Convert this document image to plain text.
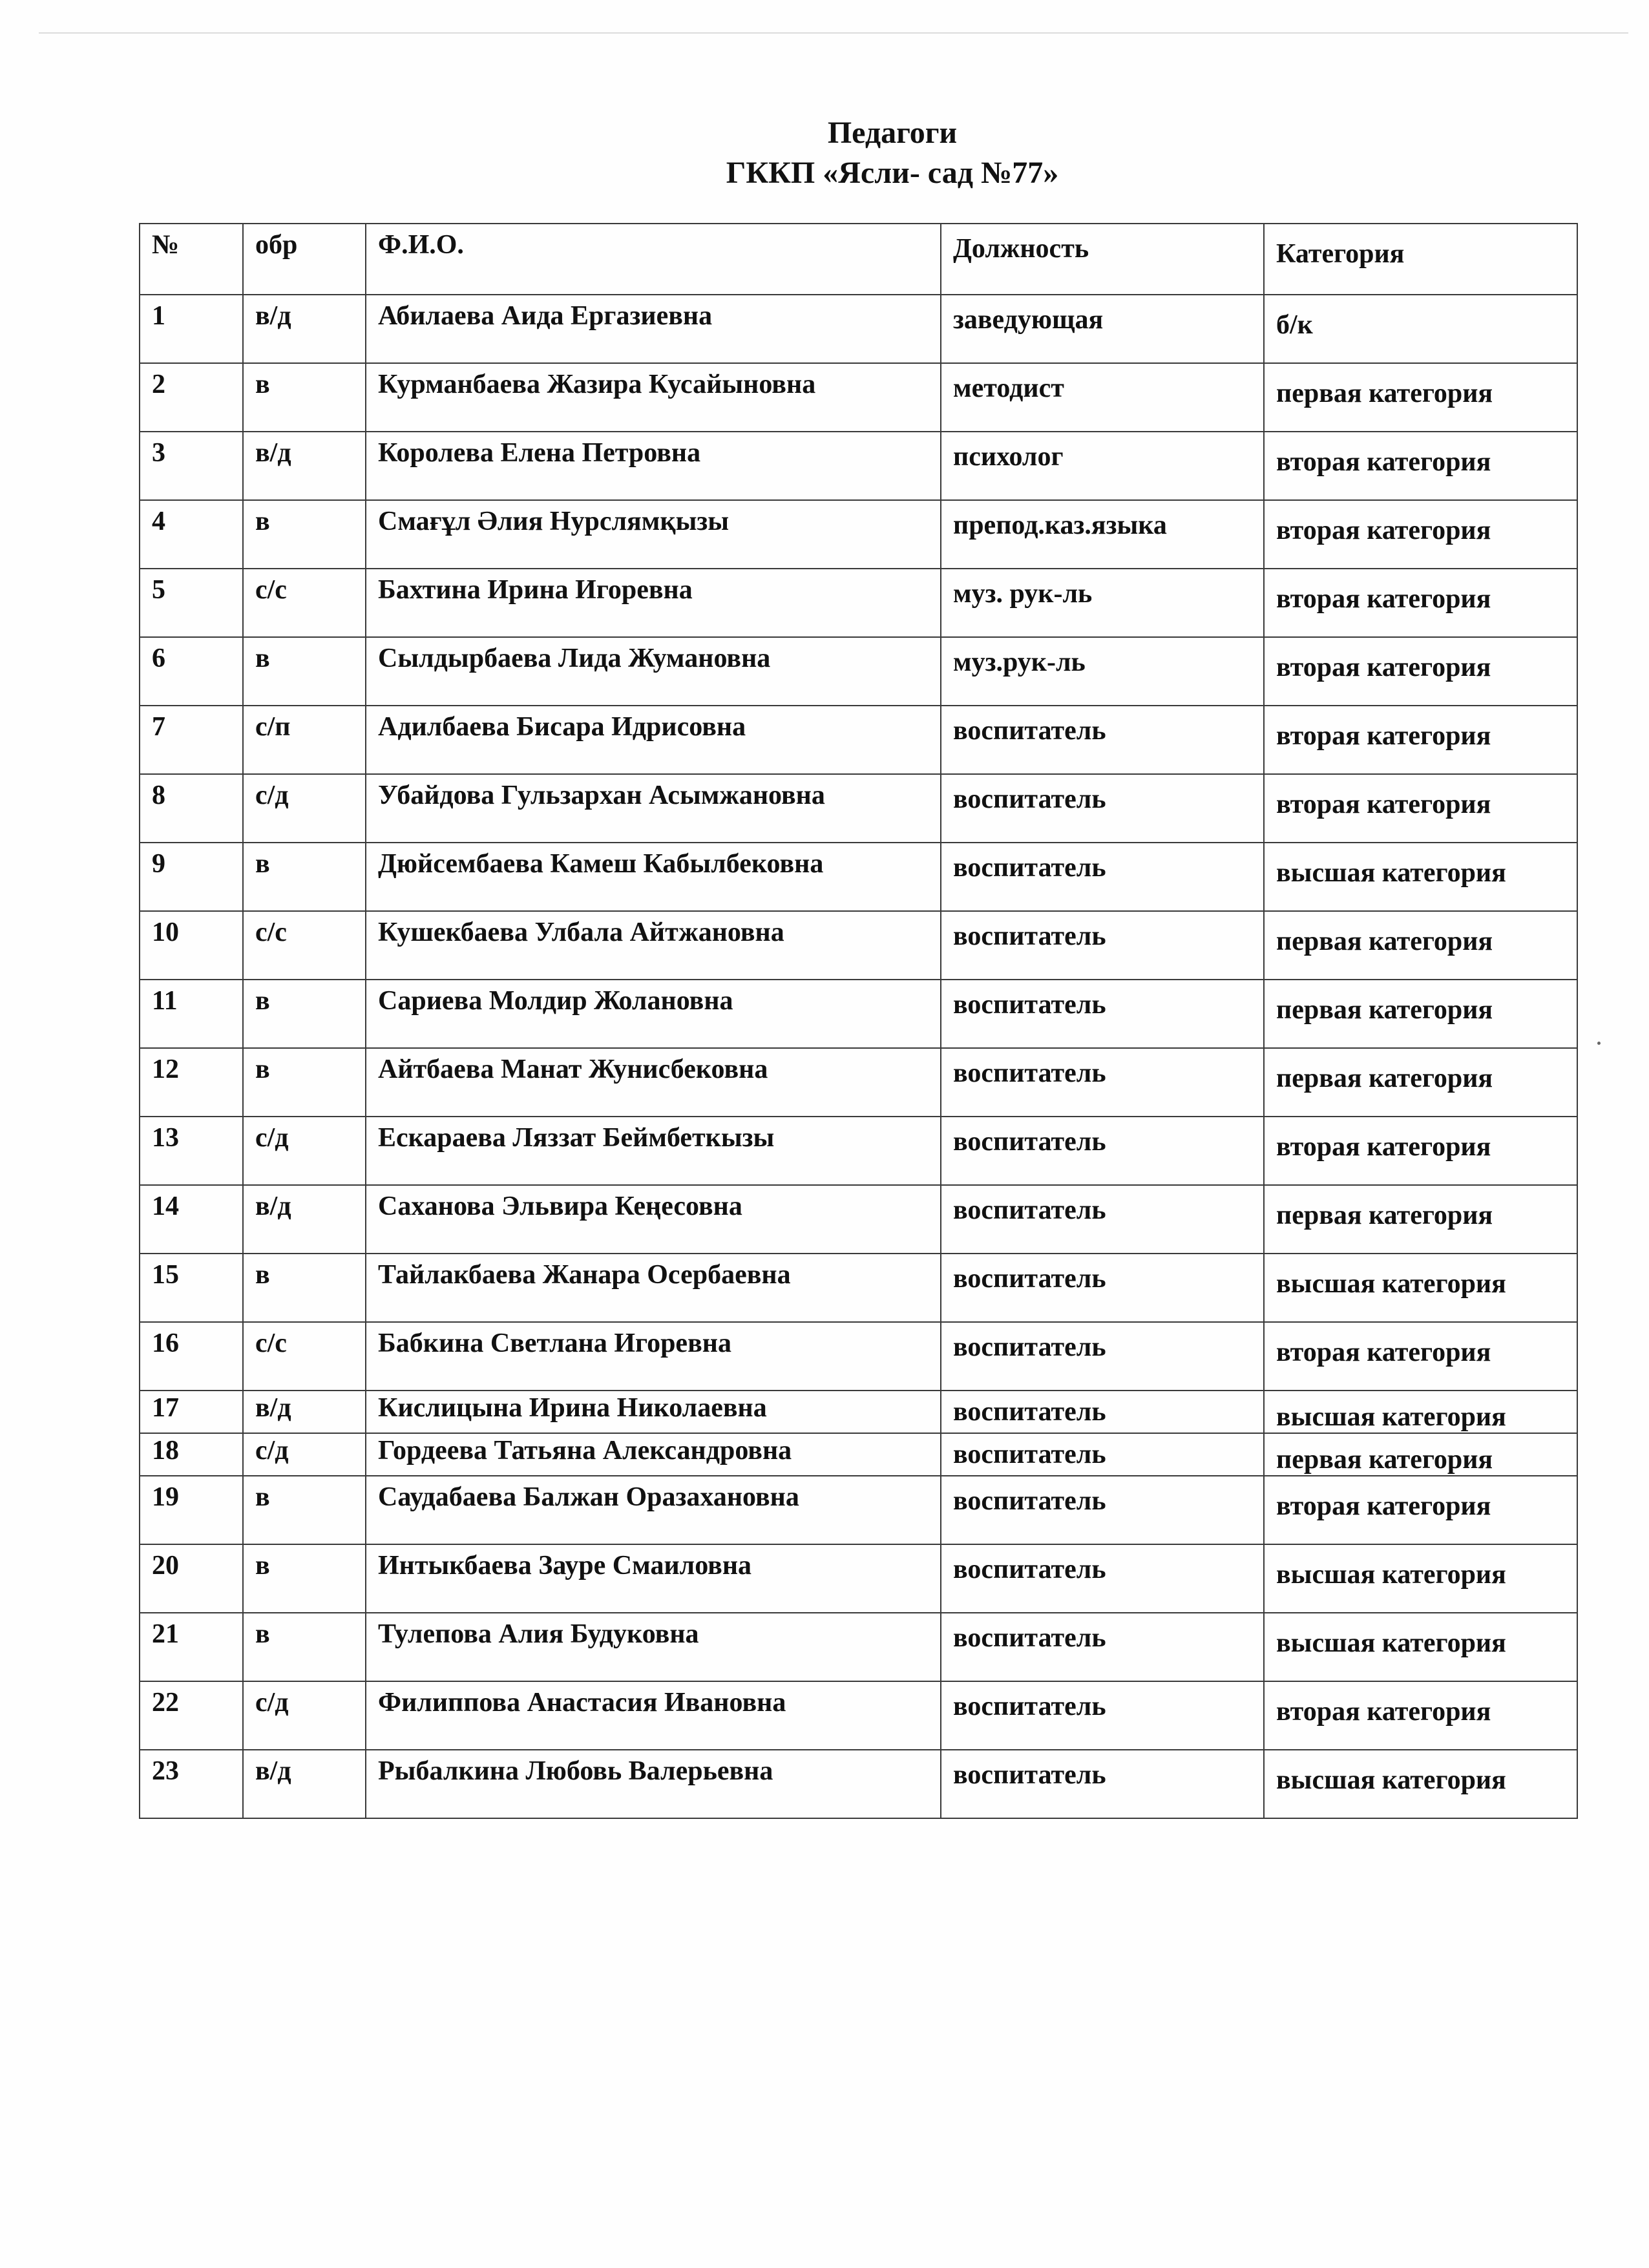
Педагоги
ГККП «Ясли- сад №77»
№	обр	Ф.И.О.	Должность	Категория
1	в/д	Абилаева Аида Ергазиевна	заведующая	б/к
2	в	Курманбаева Жазира Кусайыновна	методист	первая категория
3	в/д	Королева Елена Петровна	психолог	вторая категория
4	в	Смағұл Әлия Нурслямқызы	препод.каз.языка	вторая категория
5	с/с	Бахтина Ирина Игоревна	муз. рук-ль	вторая категория
6	в	Сылдырбаева Лида Жумановна	муз.рук-ль	вторая категория
7	с/п	Адилбаева Бисара Идрисовна	воспитатель	вторая категория
8	с/д	Убайдова Гульзархан Асымжановна	воспитатель	вторая категория
9	в	Дюйсембаева Камеш Кабылбековна	воспитатель	высшая категория
10	с/с	Кушекбаева Улбала Айтжановна	воспитатель	первая категория
11	в	Сариева Молдир Жолановна	воспитатель	первая категория
12	в	Айтбаева Манат Жунисбековна	воспитатель	первая категория
13	с/д	Ескараева Ляззат Беймбеткызы	воспитатель	вторая категория
14	в/д	Саханова Эльвира Кеңесовна	воспитатель	первая категория
15	в	Тайлакбаева Жанара Осербаевна	воспитатель	высшая категория
16	с/с	Бабкина Светлана Игоревна	воспитатель	вторая категория
17	в/д	Кислицына Ирина Николаевна	воспитатель	высшая категория
18	с/д	Гордеева Татьяна Александровна	воспитатель	первая категория
19	в	Саудабаева Балжан Оразахановна	воспитатель	вторая категория
20	в	Интыкбаева Зауре Смаиловна	воспитатель	высшая категория
21	в	Тулепова Алия Будуковна	воспитатель	высшая категория
22	с/д	Филиппова Анастасия Ивановна	воспитатель	вторая категория
23	в/д	Рыбалкина Любовь Валерьевна	воспитатель	высшая категория
